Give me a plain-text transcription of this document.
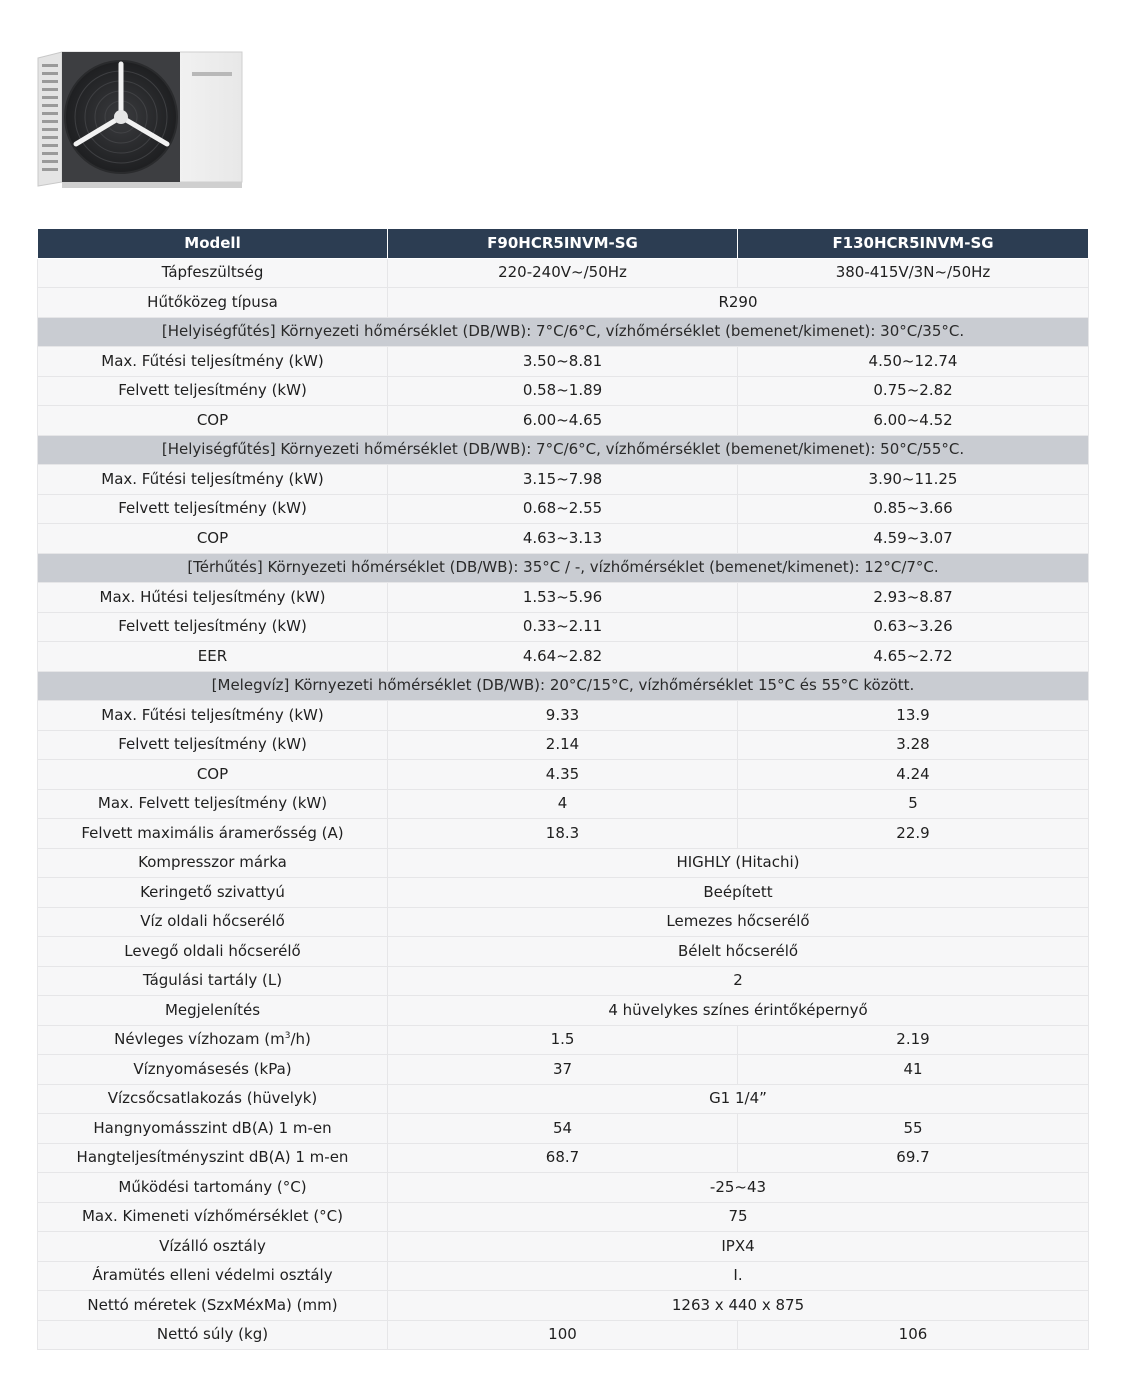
Modell	F90HCR5INVM-SG	F130HCR5INVM-SG
Tápfeszültség	220-240V~/50Hz	380-415V/3N~/50Hz
Hűtőközeg típusa	R290	
[Helyiségfűtés] Környezeti hőmérséklet (DB/WB): 7°C/6°C, vízhőmérséklet (bemenet/kimenet): 30°C/35°C.		
Max. Fűtési teljesítmény (kW)	3.50~8.81	4.50~12.74
Felvett teljesítmény (kW)	0.58~1.89	0.75~2.82
COP	6.00~4.65	6.00~4.52
[Helyiségfűtés] Környezeti hőmérséklet (DB/WB): 7°C/6°C, vízhőmérséklet (bemenet/kimenet): 50°C/55°C.		
Max. Fűtési teljesítmény (kW)	3.15~7.98	3.90~11.25
Felvett teljesítmény (kW)	0.68~2.55	0.85~3.66
COP	4.63~3.13	4.59~3.07
[Térhűtés] Környezeti hőmérséklet (DB/WB): 35°C / -, vízhőmérséklet (bemenet/kimenet): 12°C/7°C.		
Max. Hűtési teljesítmény (kW)	1.53~5.96	2.93~8.87
Felvett teljesítmény (kW)	0.33~2.11	0.63~3.26
EER	4.64~2.82	4.65~2.72
[Melegvíz] Környezeti hőmérséklet (DB/WB): 20°C/15°C, vízhőmérséklet 15°C és 55°C között.		
Max. Fűtési teljesítmény (kW)	9.33	13.9
Felvett teljesítmény (kW)	2.14	3.28
COP	4.35	4.24
Max. Felvett teljesítmény (kW)	4	5
Felvett maximális áramerősség (A)	18.3	22.9
Kompresszor márka	HIGHLY (Hitachi)	
Keringető szivattyú	Beépített	
Víz oldali hőcserélő	Lemezes hőcserélő	
Levegő oldali hőcserélő	Bélelt hőcserélő	
Tágulási tartály (L)	2	
Megjelenítés	4 hüvelykes színes érintőképernyő	
Névleges vízhozam $(m^3/h)$	1.5	2.19
Víznyomásesés (kPa)	37	41
Vízcsőcsatlakozás (hüvelyk)	G1 1/4”	
Hangnyomásszint dB(A) 1 m-en	54	55
Hangteljesítményszint dB(A) 1 m-en	68.7	69.7
Működési tartomány (°C)	-25~43	
Max. Kimeneti vízhőmérséklet (°C)	75	
Vízálló osztály	IPX4	
Áramütés elleni védelmi osztály	I.	
Nettó méretek (SzxMéxMa) (mm)	1263 x 440 x 875	
Nettó súly (kg)	100	106
